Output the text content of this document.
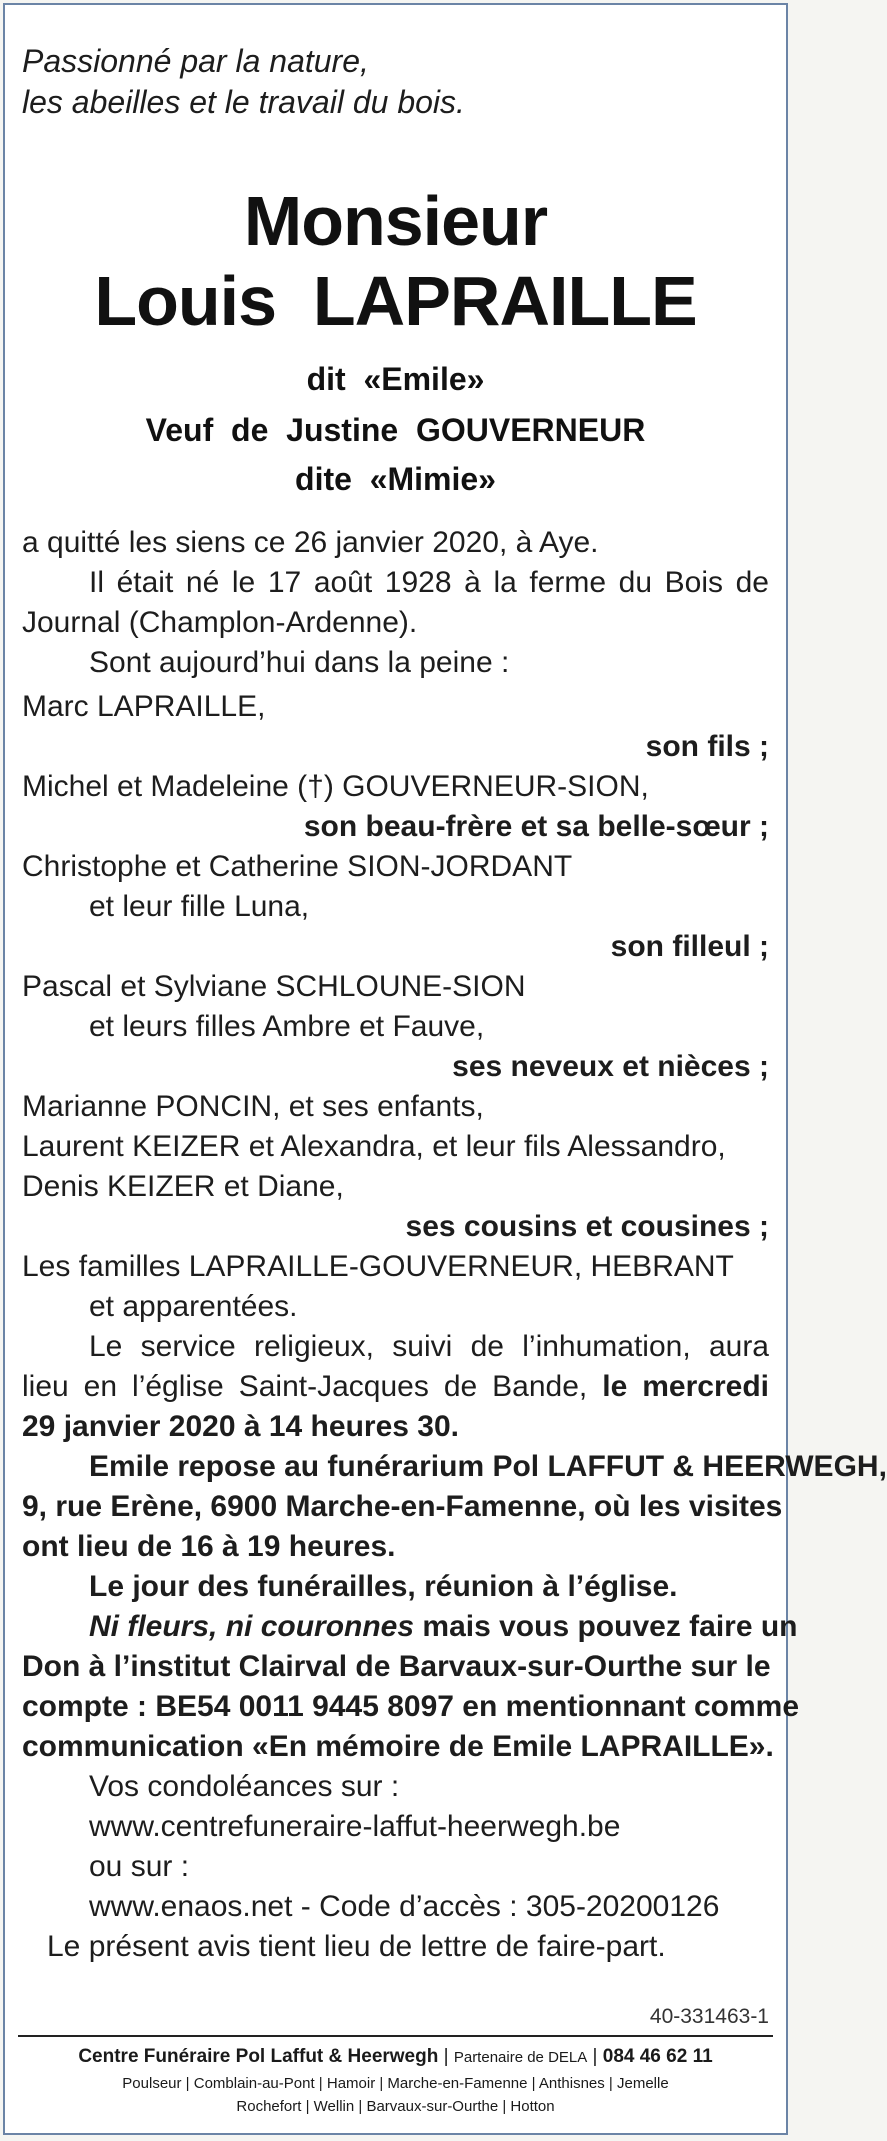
Passionné par la nature,
les abeilles et le travail du bois.
Monsieur
Louis  LAPRAILLE
dit  «Emile»
Veuf  de  Justine  GOUVERNEUR
dite  «Mimie»
a quitté les siens ce 26 janvier 2020, à Aye.
Il était né le 17 août 1928 à la ferme du Bois de
Journal (Champlon-Ardenne).
Sont aujourd’hui dans la peine :
Marc LAPRAILLE,
son fils ;
Michel et Madeleine (†) GOUVERNEUR-SION,
son beau-frère et sa belle-sœur ;
Christophe et Catherine SION-JORDANT
et leur fille Luna,
son filleul ;
Pascal et Sylviane SCHLOUNE-SION
et leurs filles Ambre et Fauve,
ses neveux et nièces ;
Marianne PONCIN, et ses enfants,
Laurent KEIZER et Alexandra, et leur fils Alessandro,
Denis KEIZER et Diane,
ses cousins et cousines ;
Les familles LAPRAILLE-GOUVERNEUR, HEBRANT
et apparentées.
Le service religieux, suivi de l’inhumation, aura
lieu en l’église Saint-Jacques de Bande, le mercredi
29 janvier 2020 à 14 heures 30.
Emile repose au funérarium Pol LAFFUT & HEERWEGH,
9, rue Erène, 6900 Marche-en-Famenne, où les visites
ont lieu de 16 à 19 heures.
Le jour des funérailles, réunion à l’église.
Ni fleurs, ni couronnes mais vous pouvez faire un
Don à l’institut Clairval de Barvaux-sur-Ourthe sur le
compte : BE54 0011 9445 8097 en mentionnant comme
communication «En mémoire de Emile LAPRAILLE».
Vos condoléances sur :
www.centrefuneraire-laffut-heerwegh.be
ou sur :
www.enaos.net - Code d’accès : 305-20200126
Le présent avis tient lieu de lettre de faire-part.
40-331463-1
Centre Funéraire Pol Laffut & Heerwegh | Partenaire de DELA | 084 46 62 11
Poulseur | Comblain-au-Pont | Hamoir | Marche-en-Famenne | Anthisnes | Jemelle
Rochefort | Wellin | Barvaux-sur-Ourthe | Hotton
